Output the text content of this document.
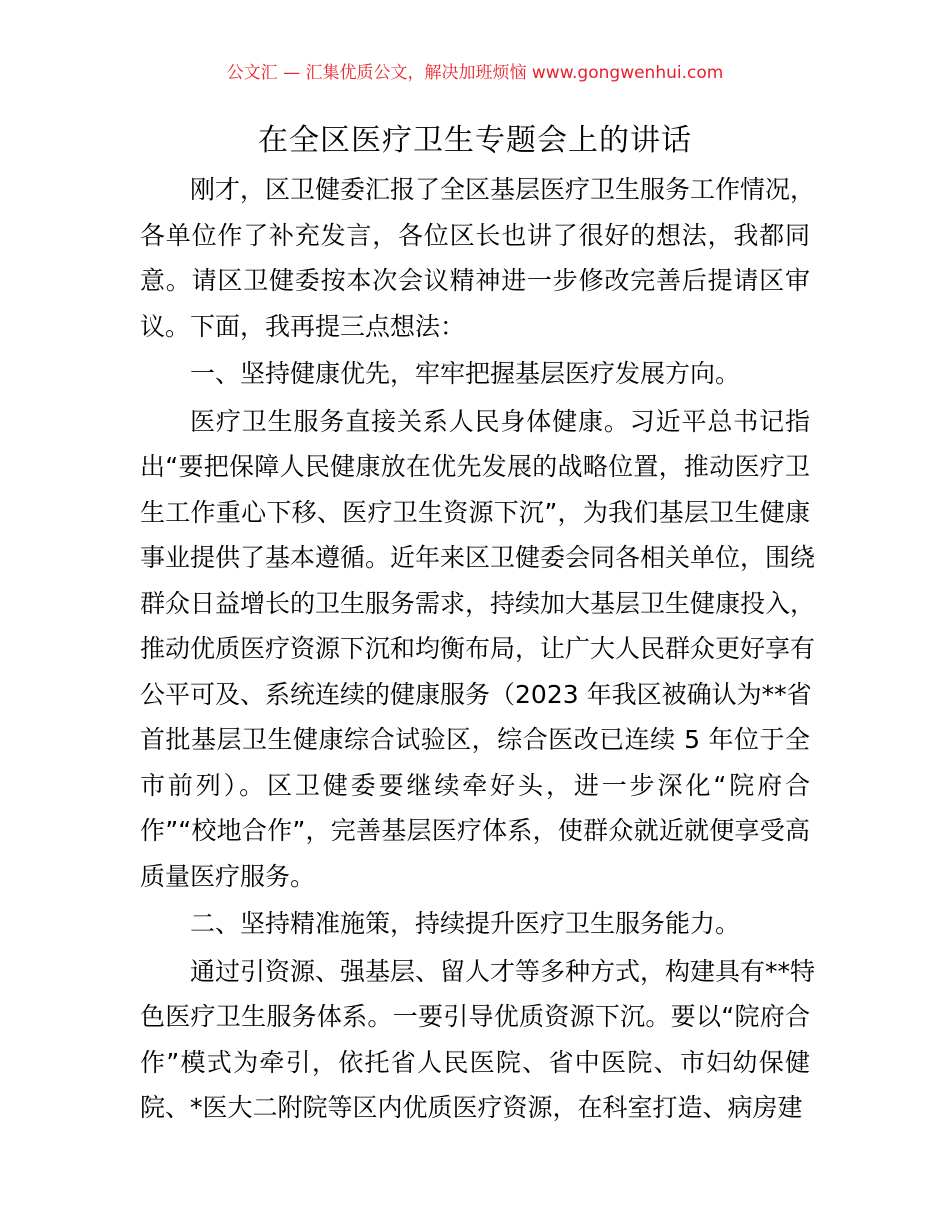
公文汇 — 汇集优质公文，解决加班烦恼 www.gongwenhui.com
在全区医疗卫生专题会上的讲话
刚才，区卫健委汇报了全区基层医疗卫生服务工作情况，
各单位作了补充发言，各位区长也讲了很好的想法，我都同
意。请区卫健委按本次会议精神进一步修改完善后提请区审
议。下面，我再提三点想法：
一、坚持健康优先，牢牢把握基层医疗发展方向。
医疗卫生服务直接关系人民身体健康。习近平总书记指
出“要把保障人民健康放在优先发展的战略位置，推动医疗卫
生工作重心下移、医疗卫生资源下沉”，为我们基层卫生健康
事业提供了基本遵循。近年来区卫健委会同各相关单位，围绕
群众日益增长的卫生服务需求，持续加大基层卫生健康投入，
推动优质医疗资源下沉和均衡布局，让广大人民群众更好享有
公平可及、系统连续的健康服务（2023 年我区被确认为**省
首批基层卫生健康综合试验区，综合医改已连续 5 年位于全
市前列）。区卫健委要继续牵好头，进一步深化“院府合
作”“校地合作”，完善基层医疗体系，使群众就近就便享受高
质量医疗服务。
二、坚持精准施策，持续提升医疗卫生服务能力。
通过引资源、强基层、留人才等多种方式，构建具有**特
色医疗卫生服务体系。一要引导优质资源下沉。要以“院府合
作”模式为牵引，依托省人民医院、省中医院、市妇幼保健
院、*医大二附院等区内优质医疗资源，在科室打造、病房建
